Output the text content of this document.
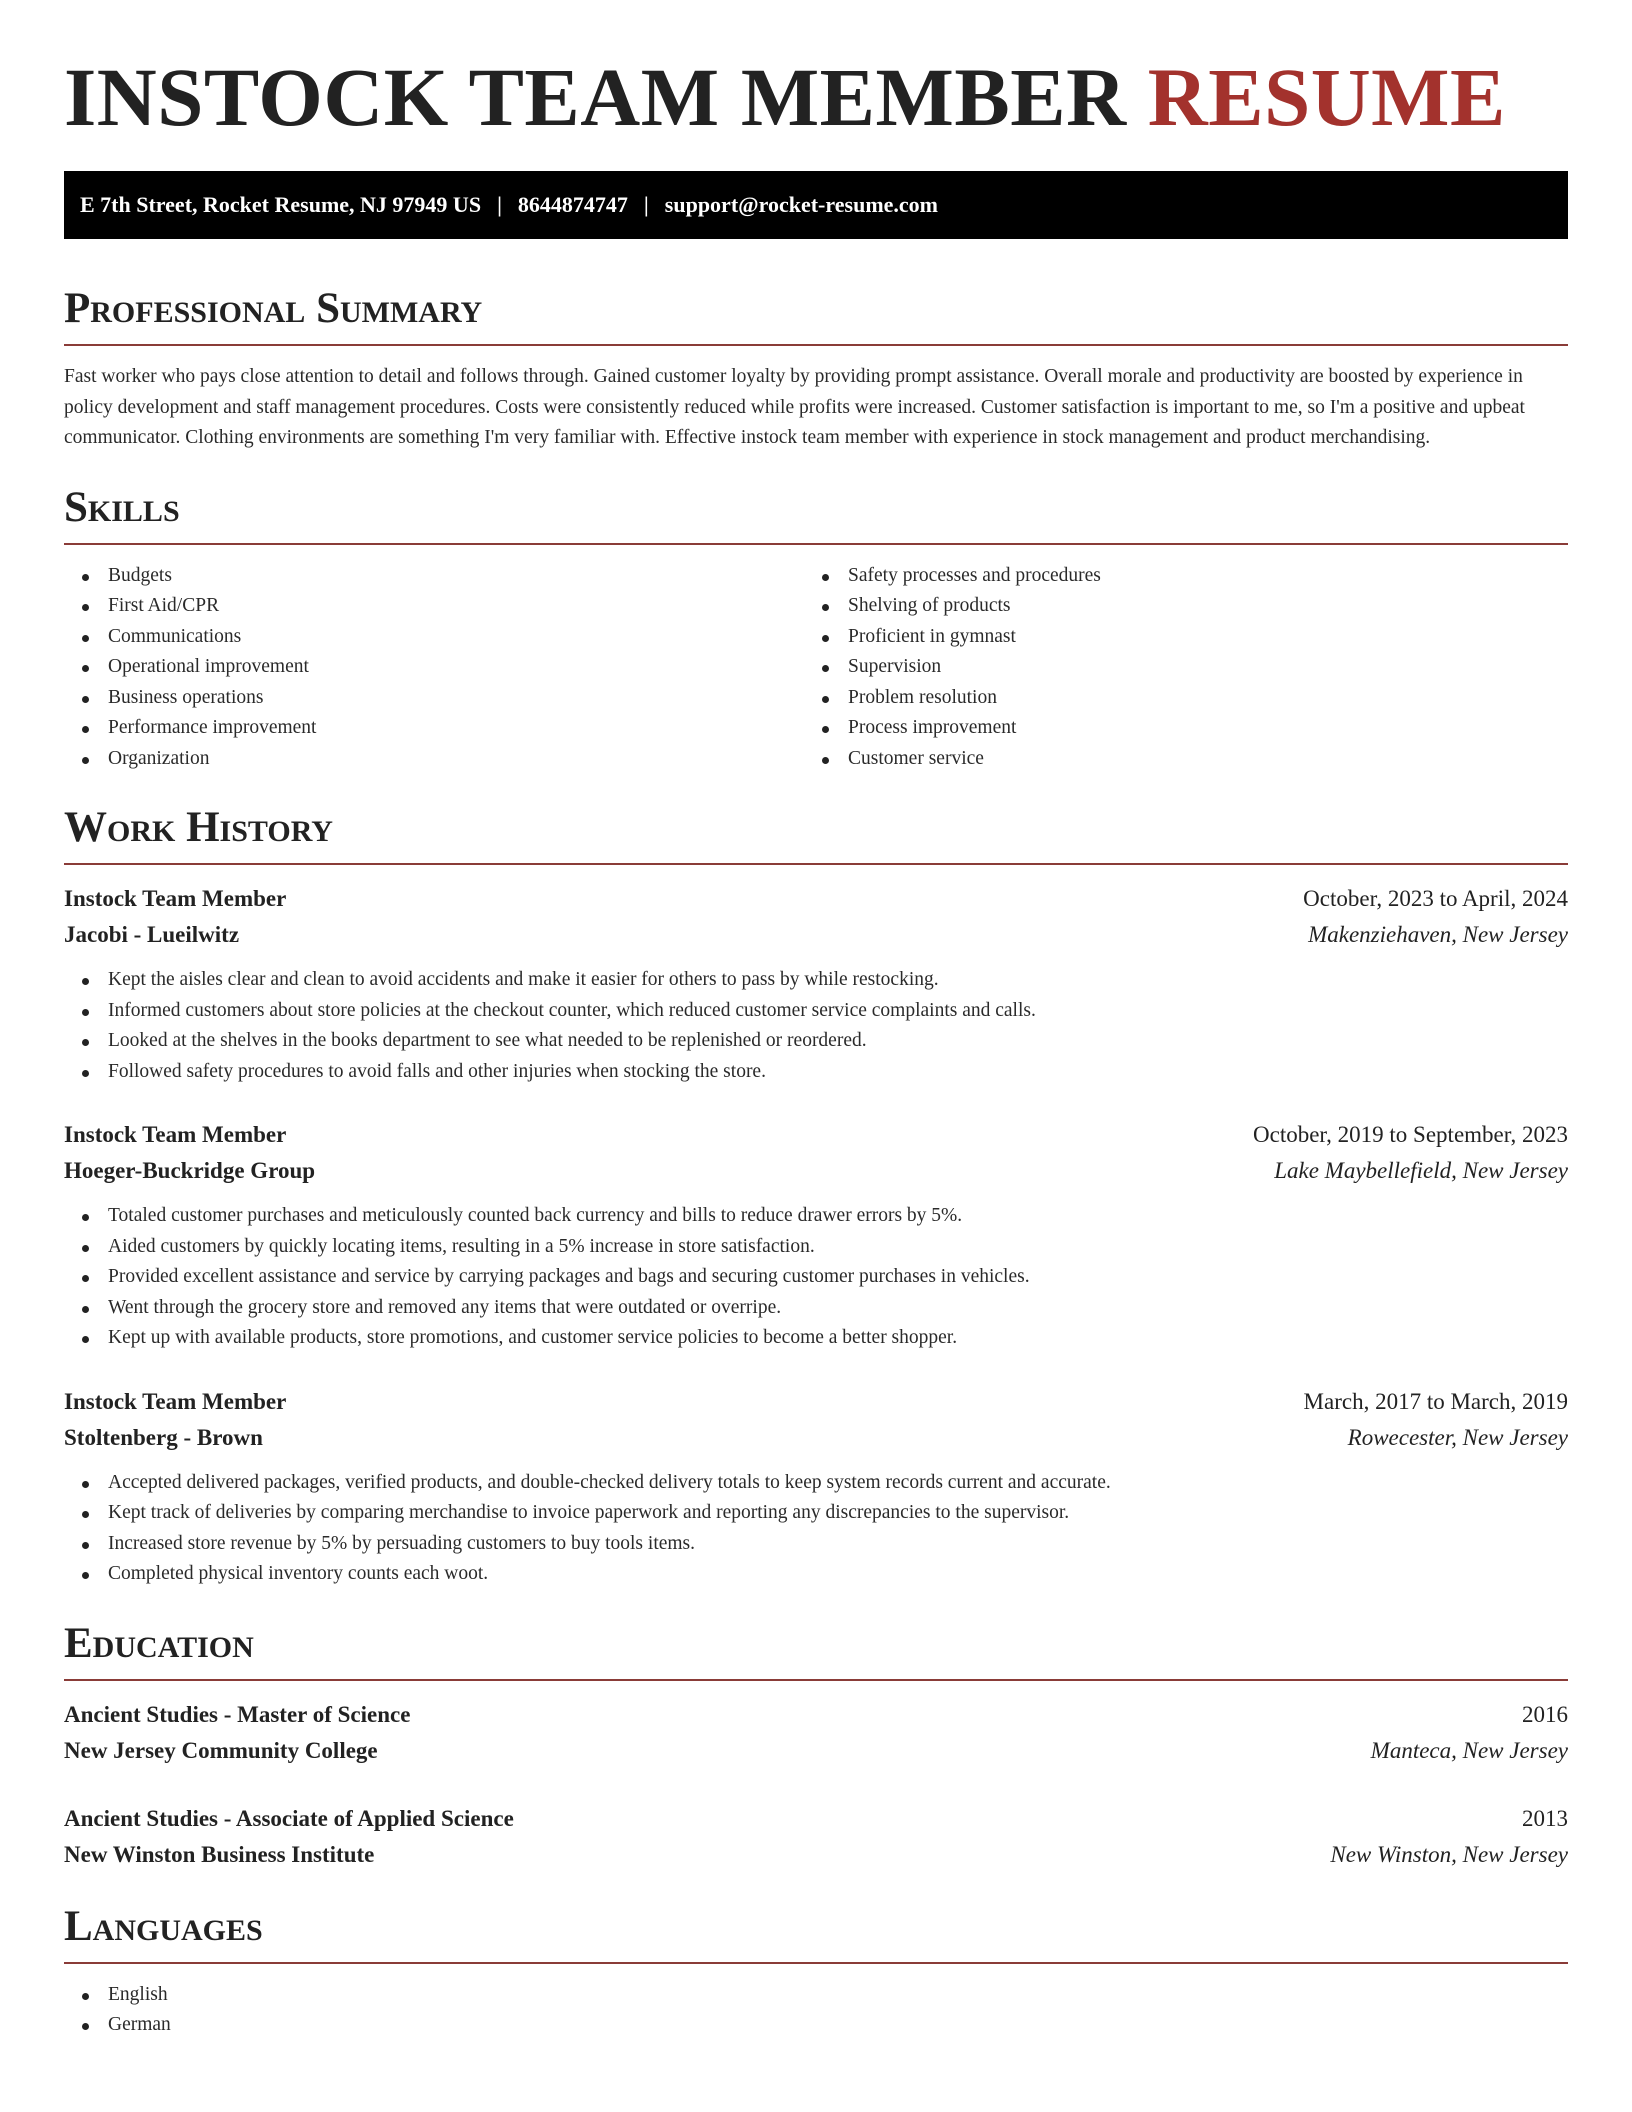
INSTOCK TEAM MEMBER RESUME
E 7th Street, Rocket Resume, NJ 97949 US | 8644874747 | support@rocket-resume.com
Professional Summary

Fast worker who pays close attention to detail and follows through. Gained customer loyalty by providing prompt assistance. Overall morale and productivity are boosted by experience in policy development and staff management procedures. Costs were consistently reduced while profits were increased. Customer satisfaction is important to me, so I'm a positive and upbeat communicator. Clothing environments are something I'm very familiar with. Effective instock team member with experience in stock management and product merchandising.

Skills
Budgets
First Aid/CPR
Communications
Operational improvement
Business operations
Performance improvement
Organization
Safety processes and procedures
Shelving of products
Proficient in gymnast
Supervision
Problem resolution
Process improvement
Customer service
Work History
Instock Team Member	October, 2023 to April, 2024
Jacobi - Lueilwitz	Makenziehaven, New Jersey
Kept the aisles clear and clean to avoid accidents and make it easier for others to pass by while restocking.
Informed customers about store policies at the checkout counter, which reduced customer service complaints and calls.
Looked at the shelves in the books department to see what needed to be replenished or reordered.
Followed safety procedures to avoid falls and other injuries when stocking the store.
Instock Team Member	October, 2019 to September, 2023
Hoeger-Buckridge Group	Lake Maybellefield, New Jersey
Totaled customer purchases and meticulously counted back currency and bills to reduce drawer errors by 5%.
Aided customers by quickly locating items, resulting in a 5% increase in store satisfaction.
Provided excellent assistance and service by carrying packages and bags and securing customer purchases in vehicles.
Went through the grocery store and removed any items that were outdated or overripe.
Kept up with available products, store promotions, and customer service policies to become a better shopper.
Instock Team Member	March, 2017 to March, 2019
Stoltenberg - Brown	Rowecester, New Jersey
Accepted delivered packages, verified products, and double-checked delivery totals to keep system records current and accurate.
Kept track of deliveries by comparing merchandise to invoice paperwork and reporting any discrepancies to the supervisor.
Increased store revenue by 5% by persuading customers to buy tools items.
Completed physical inventory counts each woot.
Education
Ancient Studies - Master of Science	2016
New Jersey Community College	Manteca, New Jersey
Ancient Studies - Associate of Applied Science	2013
New Winston Business Institute	New Winston, New Jersey
Languages
English
German
